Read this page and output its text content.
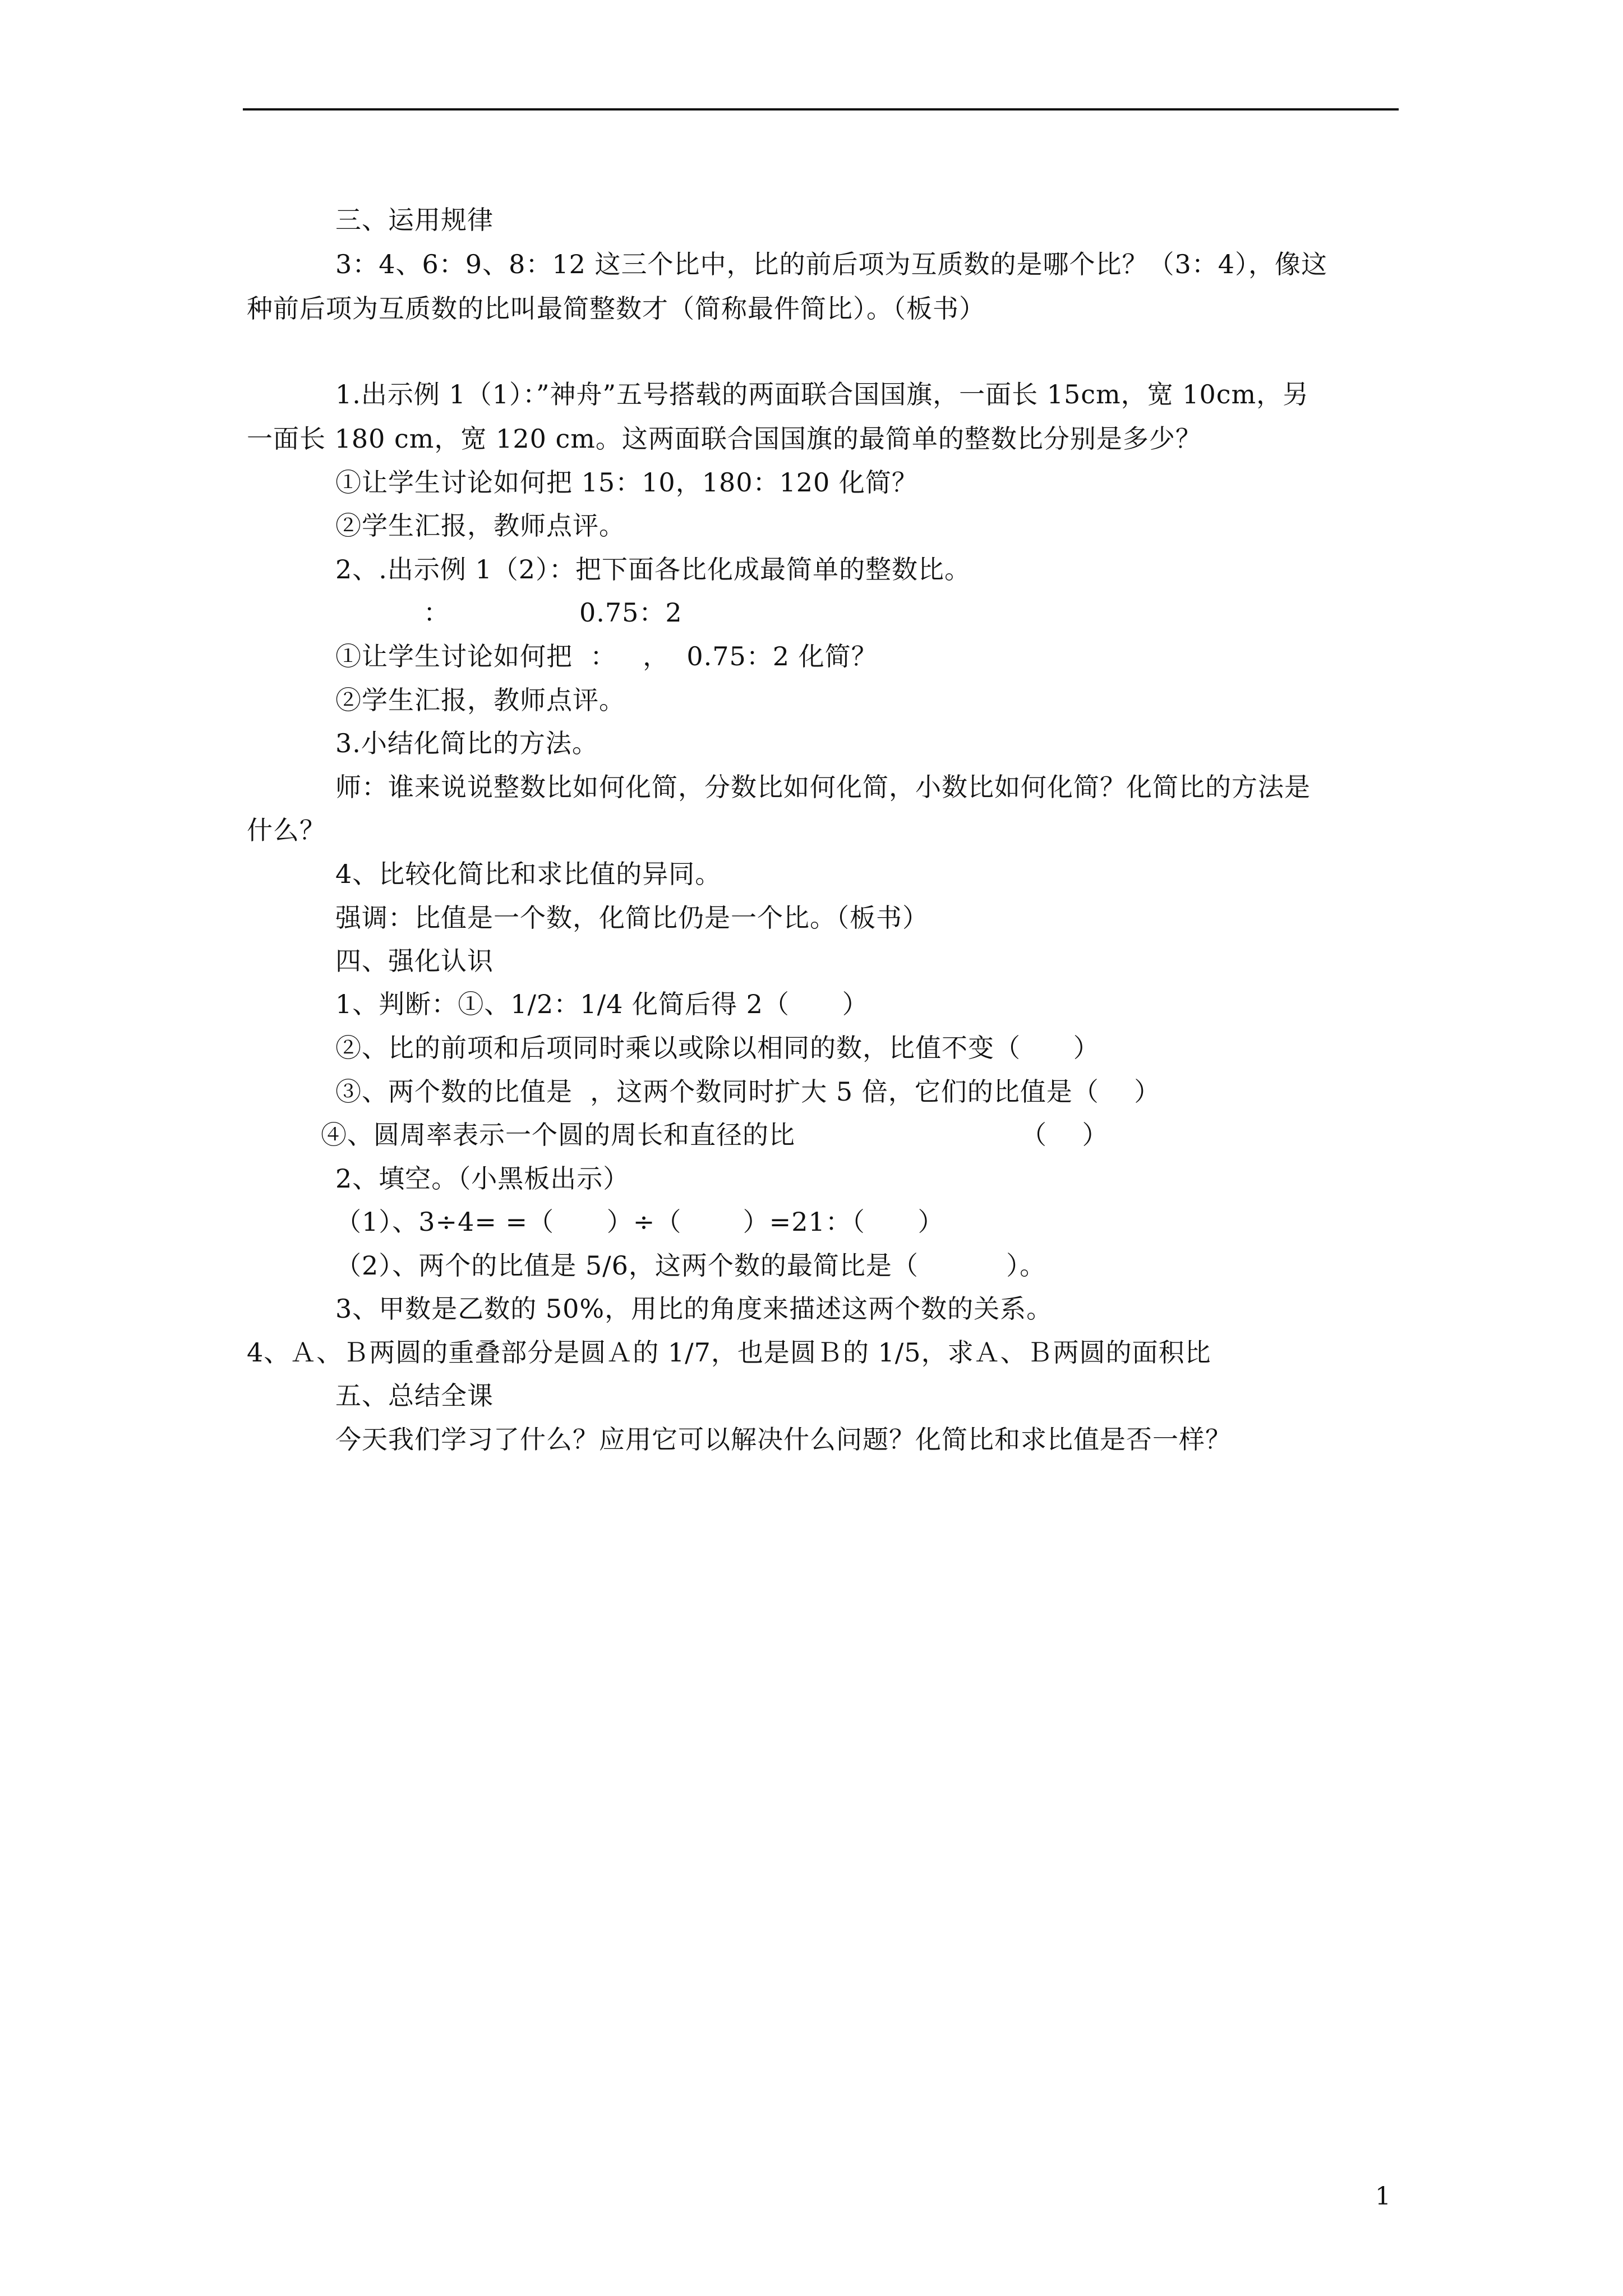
三、运用规律
3：4、6：9、8：12 这三个比中，比的前后项为互质数的是哪个比？（3：4），像这
种前后项为互质数的比叫最简整数才（简称最件简比）。（板书）
1.出示例 1（1）：”神舟”五号搭载的两面联合国国旗，一面长 15cm，宽 10cm，另
一面长 180 cm，宽 120 cm。这两面联合国国旗的最简单的整数比分别是多少？
①让学生讨论如何把 15：10，180：120 化简？
②学生汇报，教师点评。
2、.出示例 1（2）：把下面各比化成最简单的整数比。
：	0.75：2
①让学生讨论如何把  ：   ，  0.75：2 化简？
②学生汇报，教师点评。
3.小结化简比的方法。
师：谁来说说整数比如何化简，分数比如何化简，小数比如何化简？化简比的方法是
什么？
4、比较化简比和求比值的异同。
强调：比值是一个数，化简比仍是一个比。（板书）
四、强化认识
1、判断：①、1/2：1/4 化简后得 2（      ）
②、比的前项和后项同时乘以或除以相同的数，比值不变（      ）
③、两个数的比值是  ，这两个数同时扩大 5 倍，它们的比值是（    ）
④、圆周率表示一个圆的周长和直径的比	（    ）
2、填空。（小黑板出示）
（1）、3÷4= =（      ）÷（       ）=21：（      ）
（2）、两个的比值是 5/6，这两个数的最简比是（          ）。
3、甲数是乙数的 50%，用比的角度来描述这两个数的关系。
4、Ａ、Ｂ两圆的重叠部分是圆Ａ的 1/7，也是圆Ｂ的 1/5，求Ａ、Ｂ两圆的面积比
五、总结全课
今天我们学习了什么？应用它可以解决什么问题？化简比和求比值是否一样？
1
